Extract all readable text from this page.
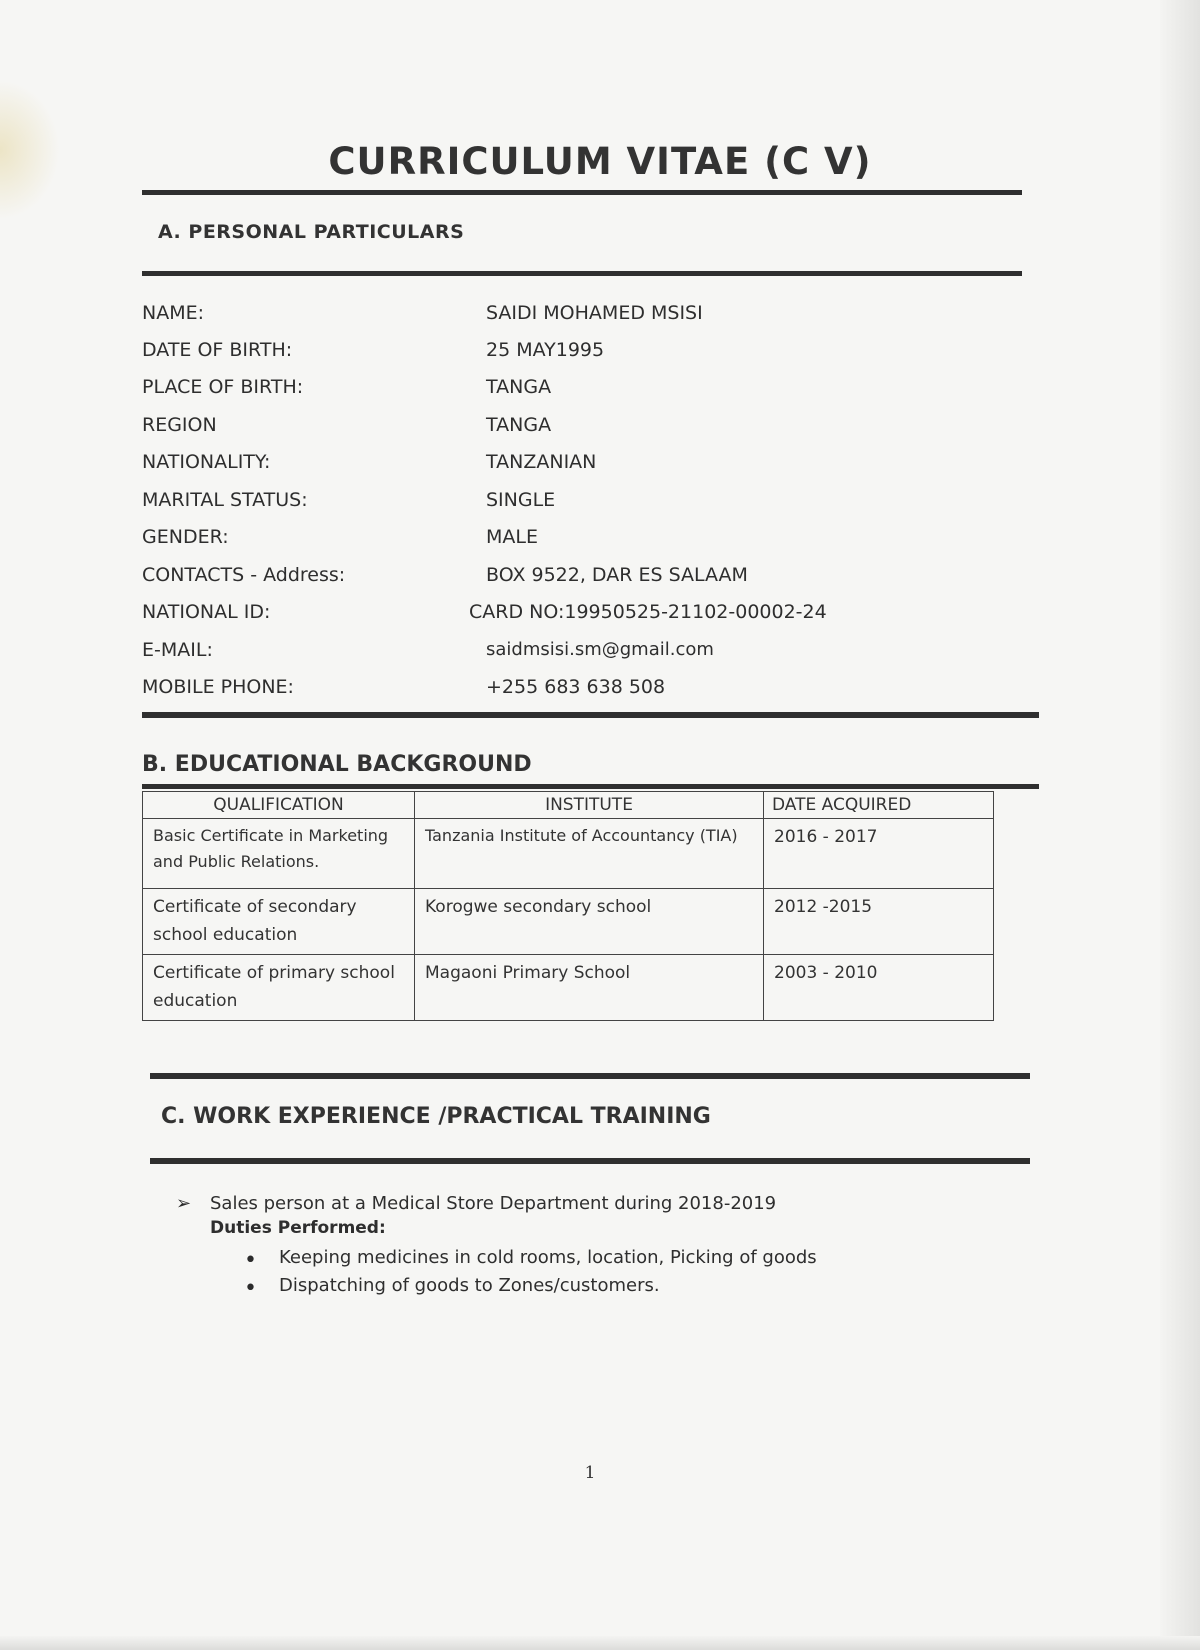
CURRICULUM VITAE (C V)
A. PERSONAL PARTICULARS
NAME:	SAIDI MOHAMED MSISI
DATE OF BIRTH:	25 MAY1995
PLACE OF BIRTH:	TANGA
REGION	TANGA
NATIONALITY:	TANZANIAN
MARITAL STATUS:	SINGLE
GENDER:	MALE
CONTACTS - Address:	BOX 9522, DAR ES SALAAM
NATIONAL ID:	CARD NO:19950525-21102-00002-24
E-MAIL:	saidmsisi.sm@gmail.com
MOBILE PHONE:	+255 683 638 508
B. EDUCATIONAL BACKGROUND
QUALIFICATION	INSTITUTE	DATE ACQUIRED
Basic Certificate in Marketing and Public Relations.	Tanzania Institute of Accountancy (TIA)	2016 - 2017
Certificate of secondary school education	Korogwe secondary school	2012 -2015
Certificate of primary school education	Magaoni Primary School	2003 - 2010
C. WORK EXPERIENCE /PRACTICAL TRAINING
➢ Sales person at a Medical Store Department during 2018-2019
Duties Performed:
• Keeping medicines in cold rooms, location, Picking of goods
• Dispatching of goods to Zones/customers.
1
